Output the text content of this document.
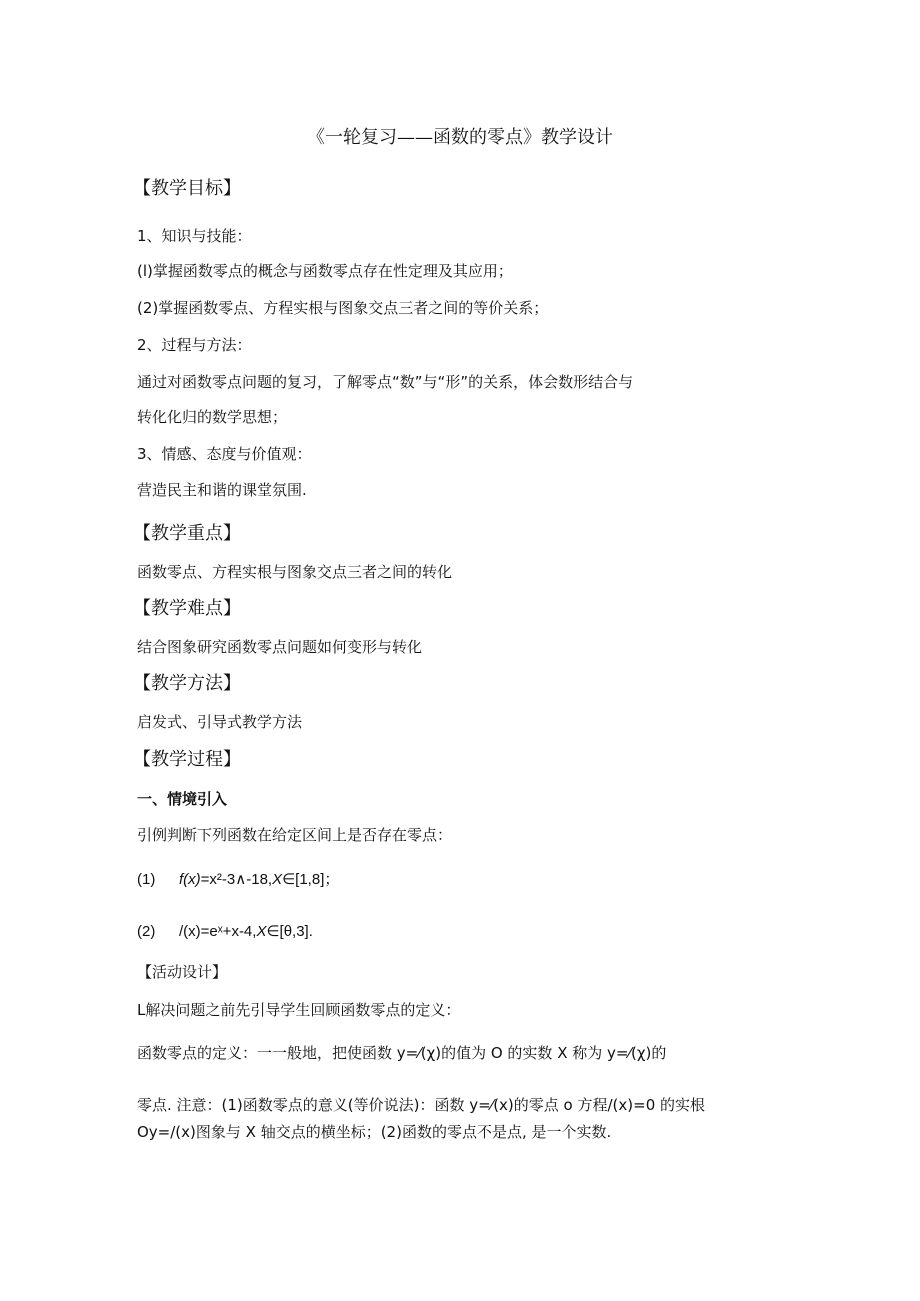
《一轮复习——函数的零点》教学设计
【教学目标】
1、知识与技能：
(l)掌握函数零点的概念与函数零点存在性定理及其应用；
(2)掌握函数零点、方程实根与图象交点三者之间的等价关系；
2、过程与方法：
通过对函数零点问题的复习，了解零点“数”与“形”的关系，体会数形结合与
转化化归的数学思想；
3、情感、态度与价值观：
营造民主和谐的课堂氛围.
【教学重点】
函数零点、方程实根与图象交点三者之间的转化
【教学难点】
结合图象研究函数零点问题如何变形与转化
【教学方法】
启发式、引导式教学方法
【教学过程】
一、情境引入
引例判断下列函数在给定区间上是否存在零点：
(1) f(x)=x²-3∧-18,X∈[1,8]；
(2) /(x)=eˣ+x-4,X∈[θ,3].
【活动设计】
L解决问题之前先引导学生回顾函数零点的定义：
函数零点的定义：一一般地，把使函数 y=⁄(χ)的值为 O 的实数 X 称为 y=⁄(χ)的
零点. 注意：(1)函数零点的意义(等价说法)：函数 y=⁄(x)的零点 o 方程/(x)=0 的实根
Oy=/(x)图象与 X 轴交点的横坐标；(2)函数的零点不是点, 是一个实数.
